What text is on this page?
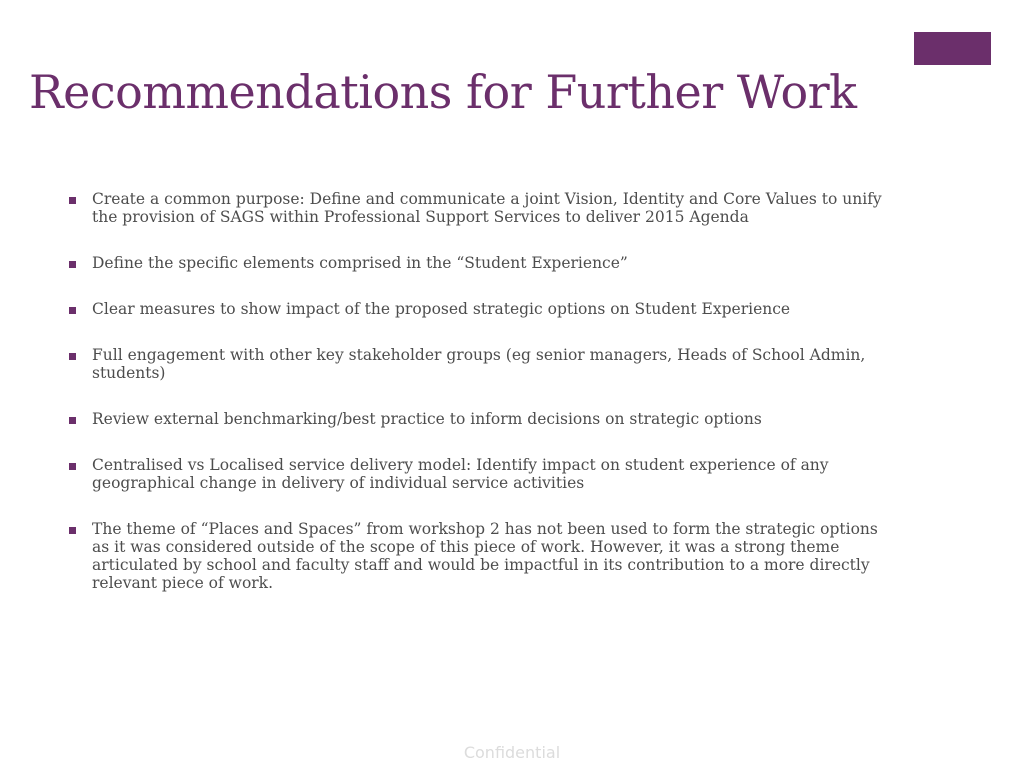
Recommendations for Further Work
Create a common purpose: Define and communicate a joint Vision, Identity and Core Values to unify the provision of SAGS within Professional Support Services to deliver 2015 Agenda
Define the specific elements comprised in the “Student Experience”
Clear measures to show impact of the proposed strategic options on Student Experience
Full engagement with other key stakeholder groups (eg senior managers, Heads of School Admin, students)
Review external benchmarking/best practice to inform decisions on strategic options
Centralised vs Localised service delivery model: Identify impact on student experience of any geographical change in delivery of individual service activities
The theme of “Places and Spaces” from workshop 2 has not been used to form the strategic options as it was considered outside of the scope of this piece of work. However, it was a strong theme articulated by school and faculty staff and would be impactful in its contribution to a more directly relevant piece of work.
Confidential
